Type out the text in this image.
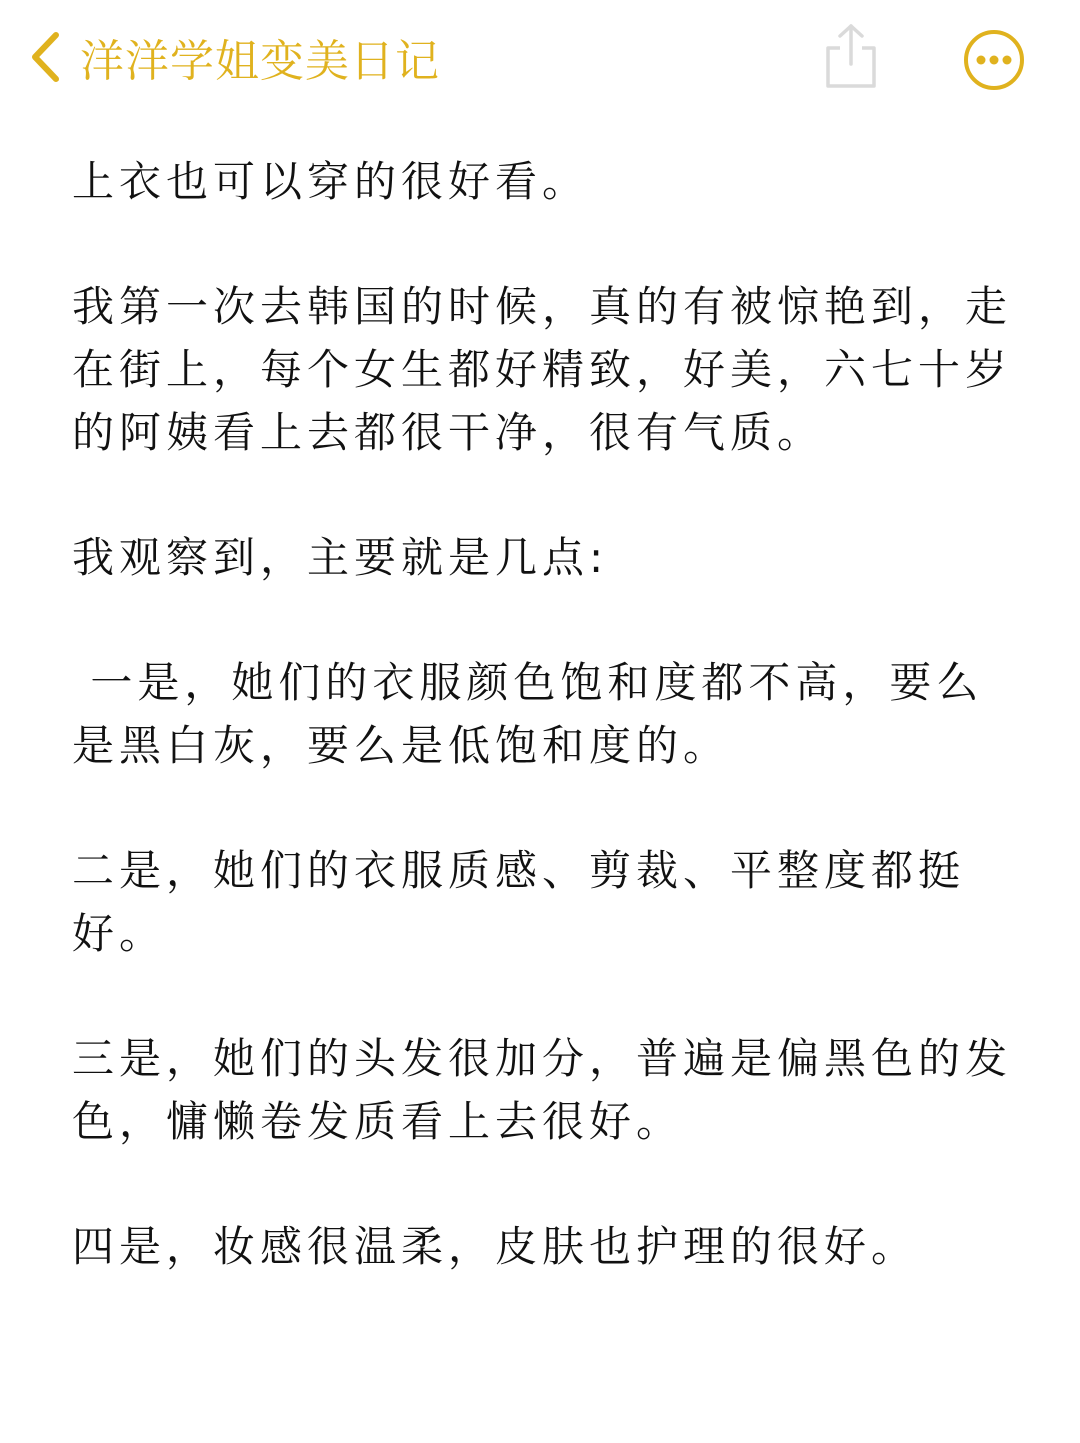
洋洋学姐变美日记

上衣也可以穿的很好看。

我第一次去韩国的时候，真的有被惊艳到，走在街上，每个女生都好精致，好美，六七十岁的阿姨看上去都很干净，很有气质。

我观察到，主要就是几点:

一是，她们的衣服颜色饱和度都不高，要么是黑白灰，要么是低饱和度的。

二是，她们的衣服质感、剪裁、平整度都挺好。

三是，她们的头发很加分，普遍是偏黑色的发色，慵懒卷发质看上去很好。

四是，妆感很温柔，皮肤也护理的很好。
